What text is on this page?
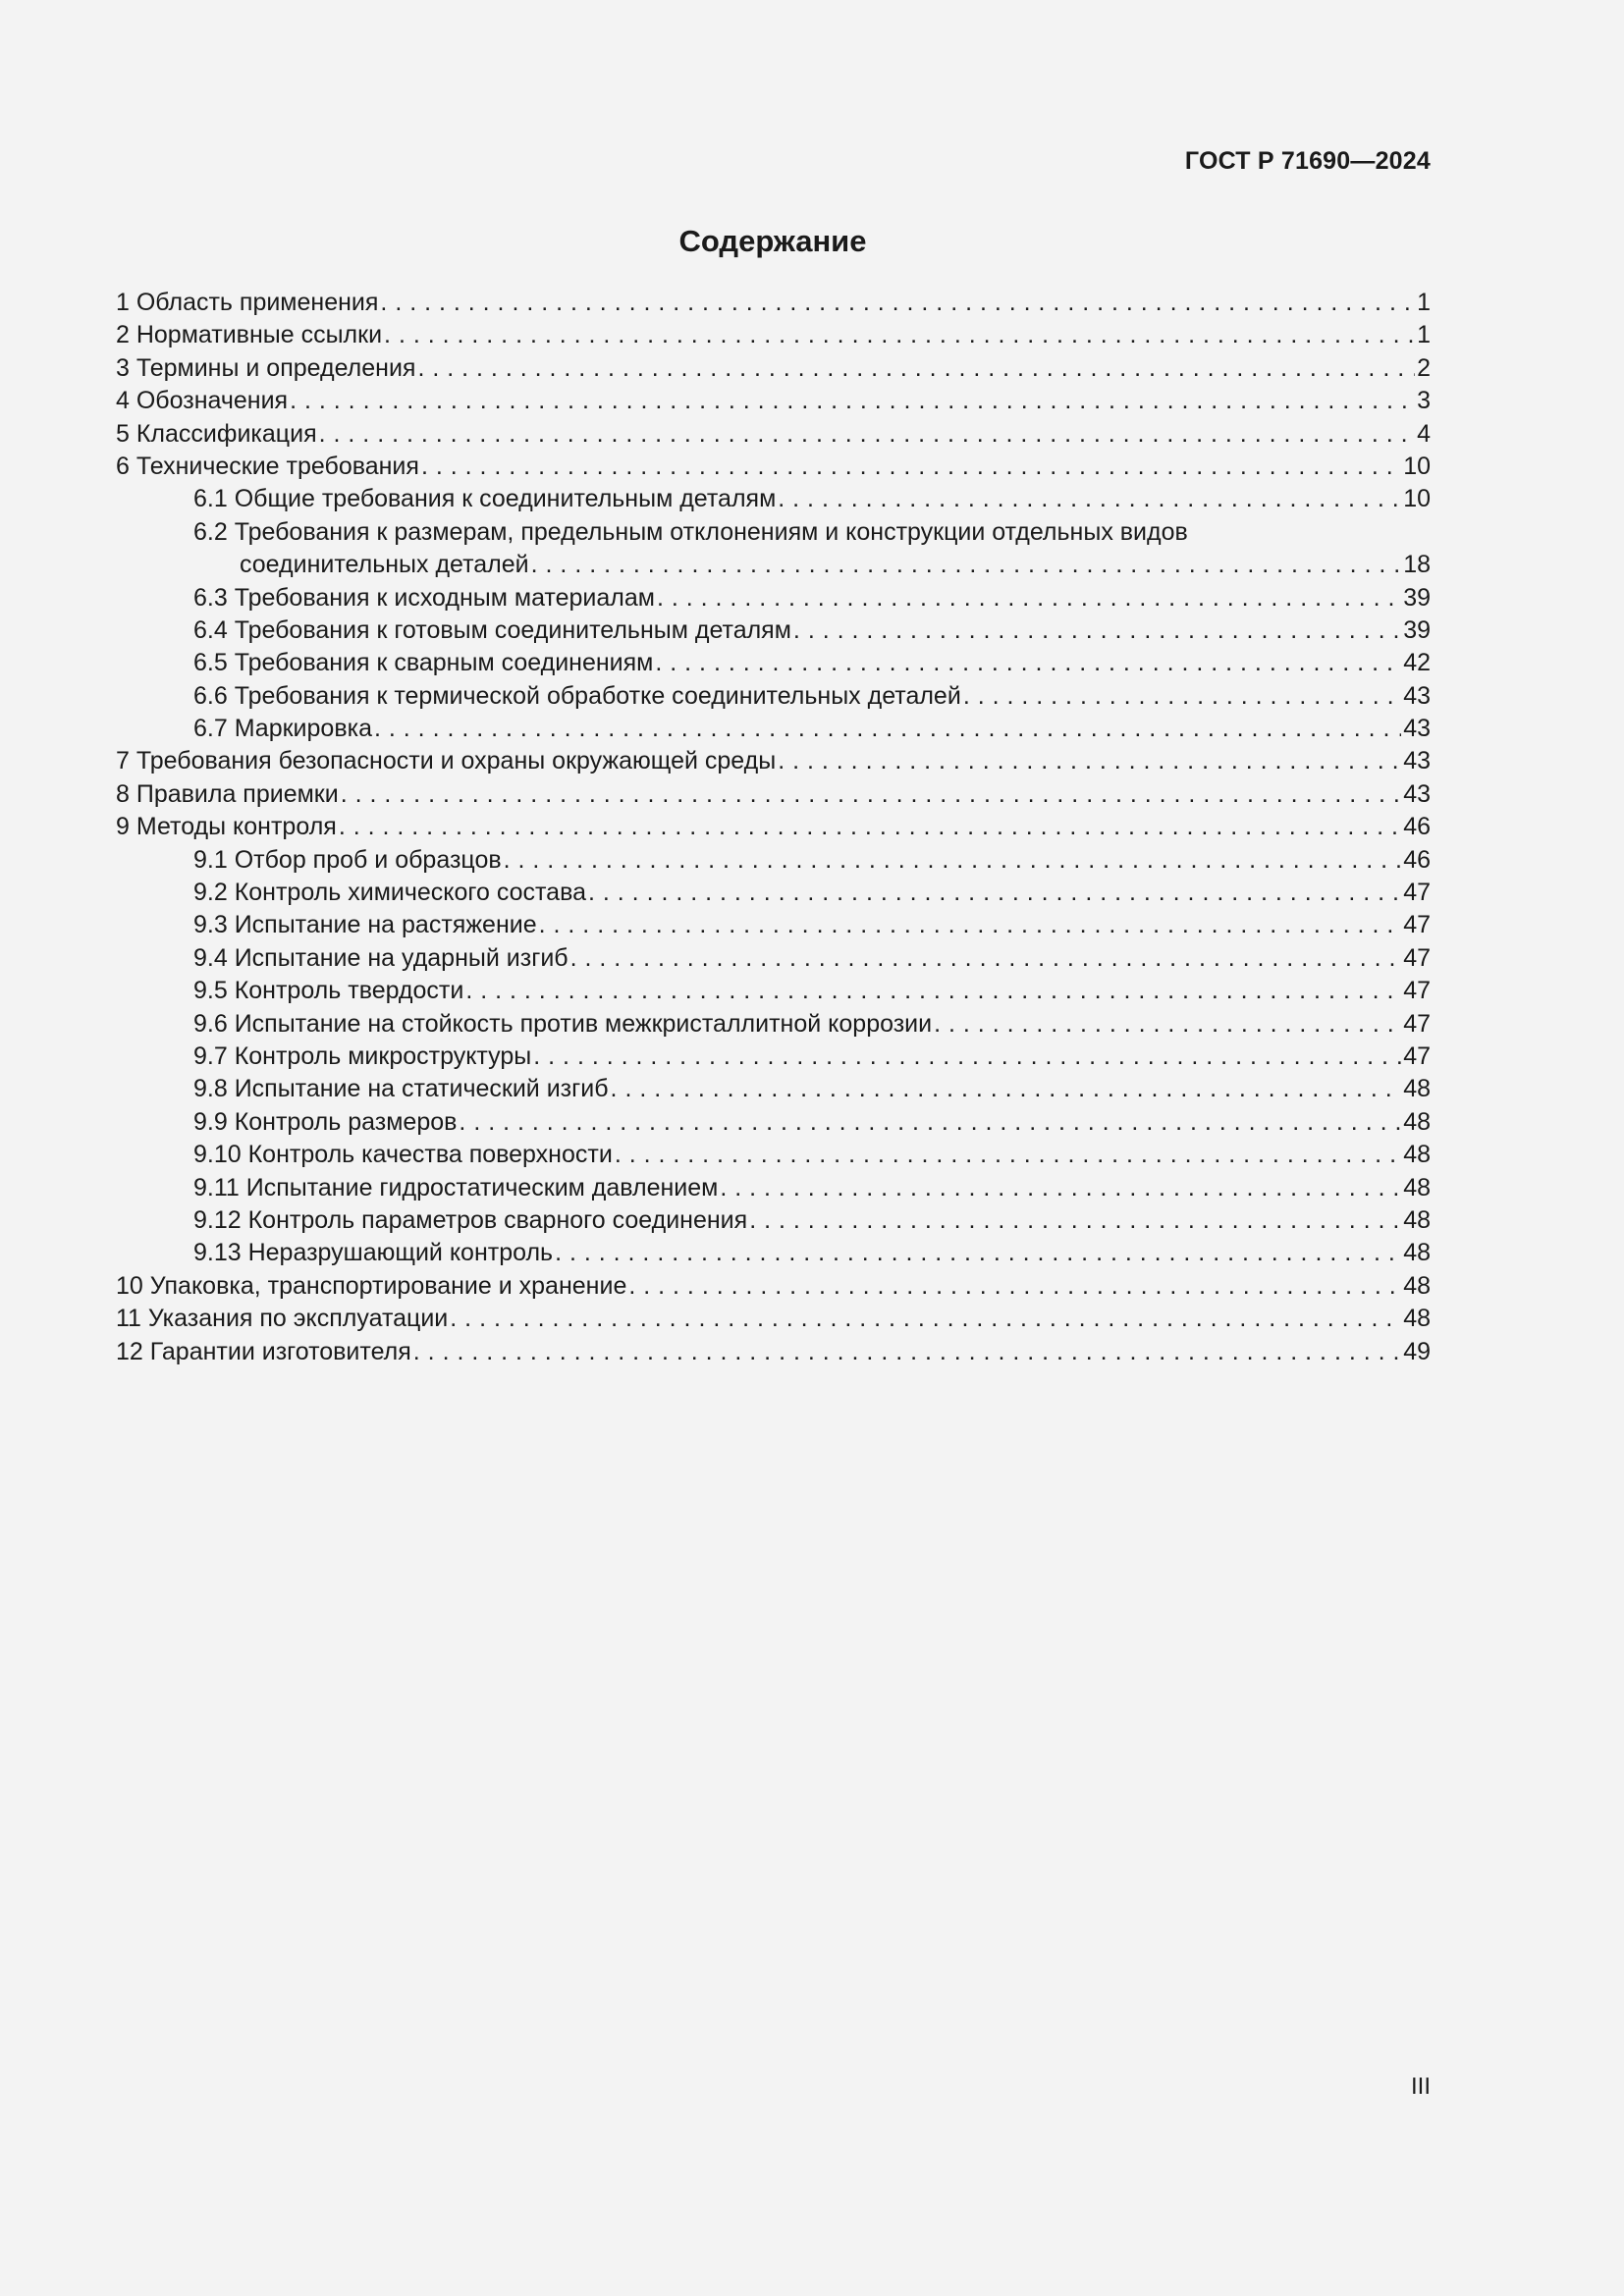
ГОСТ Р 71690—2024
Содержание
1 Область применения . . .	1
2 Нормативные ссылки . . .	1
3 Термины и определения . . .	2
4 Обозначения . . .	3
5 Классификация . . .	4
6 Технические требования . . .	10
6.1 Общие требования к соединительным деталям . . .	10
6.2 Требования к размерам, предельным отклонениям и конструкции отдельных видов
соединительных деталей . . .	18
6.3 Требования к исходным материалам . . .	39
6.4 Требования к готовым соединительным деталям . . .	39
6.5 Требования к сварным соединениям . . .	42
6.6 Требования к термической обработке соединительных деталей . . .	43
6.7 Маркировка . . .	43
7 Требования безопасности и охраны окружающей среды . . .	43
8 Правила приемки . . .	43
9 Методы контроля . . .	46
9.1 Отбор проб и образцов . . .	46
9.2 Контроль химического состава . . .	47
9.3 Испытание на растяжение . . .	47
9.4 Испытание на ударный изгиб . . .	47
9.5 Контроль твердости . . .	47
9.6 Испытание на стойкость против межкристаллитной коррозии . . .	47
9.7 Контроль микроструктуры . . .	47
9.8 Испытание на статический изгиб . . .	48
9.9 Контроль размеров . . .	48
9.10 Контроль качества поверхности . . .	48
9.11 Испытание гидростатическим давлением . . .	48
9.12 Контроль параметров сварного соединения . . .	48
9.13 Неразрушающий контроль . . .	48
10 Упаковка, транспортирование и хранение . . .	48
11 Указания по эксплуатации . . .	48
12 Гарантии изготовителя . . .	49
III
